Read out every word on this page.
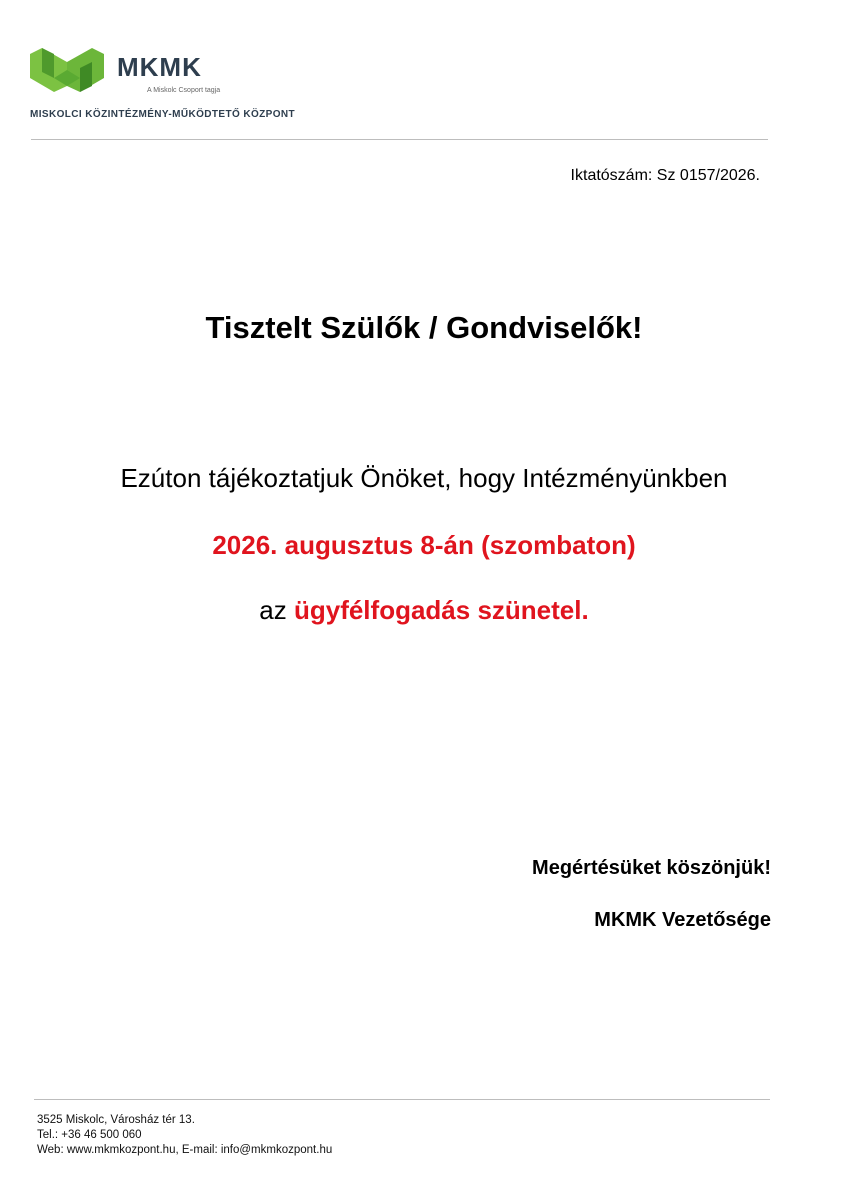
MKMK
A Miskolc Csoport tagja
MISKOLCI KÖZINTÉZMÉNY-MŰKÖDTETŐ KÖZPONT
Iktatószám: Sz 0157/2026.
Tisztelt Szülők / Gondviselők!
Ezúton tájékoztatjuk Önöket, hogy Intézményünkben
2026. augusztus 8-án (szombaton)
az ügyfélfogadás szünetel.
Megértésüket köszönjük!
MKMK Vezetősége
3525 Miskolc, Városház tér 13.
Tel.: +36 46 500 060
Web: www.mkmkozpont.hu, E-mail: info@mkmkozpont.hu
